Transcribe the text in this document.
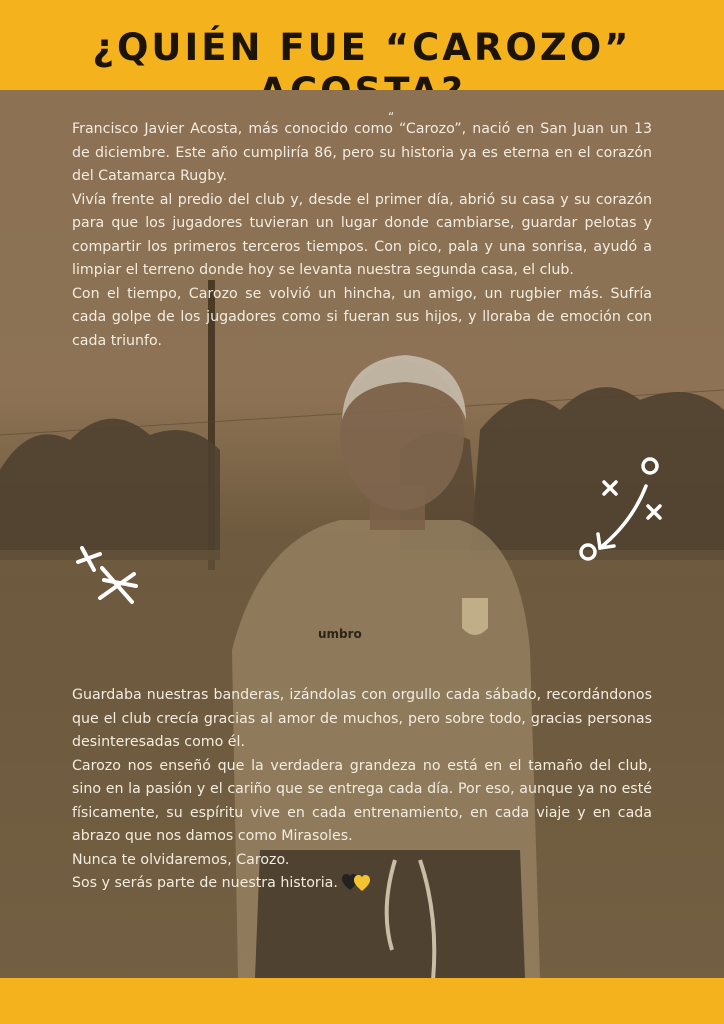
¿QUIÉN FUE “CAROZO”
umbro
“

Francisco Javier Acosta, más conocido como “Carozo”, nació en San Juan un 13 de diciembre. Este año cumpliría 86, pero su historia ya es eterna en el corazón del Catamarca Rugby.

Vivía frente al predio del club y, desde el primer día, abrió su casa y su corazón para que los jugadores tuvieran un lugar donde cambiarse, guardar pelotas y compartir los primeros terceros tiempos. Con pico, pala y una sonrisa, ayudó a limpiar el terreno donde hoy se levanta nuestra segunda casa, el club.

Con el tiempo, Carozo se volvió un hincha, un amigo, un rugbier más. Sufría cada golpe de los jugadores como si fueran sus hijos, y lloraba de emoción con cada triunfo.

Guardaba nuestras banderas, izándolas con orgullo cada sábado, recordándonos que el club crecía gracias al amor de muchos, pero sobre todo, gracias personas desinteresadas como él.

Carozo nos enseñó que la verdadera grandeza no está en el tamaño del club, sino en la pasión y el cariño que se entrega cada día. Por eso, aunque ya no esté físicamente, su espíritu vive en cada entrenamiento, en cada viaje y en cada abrazo que nos damos como Mirasoles.

Nunca te olvidaremos, Carozo.

Sos y serás parte de nuestra historia.
